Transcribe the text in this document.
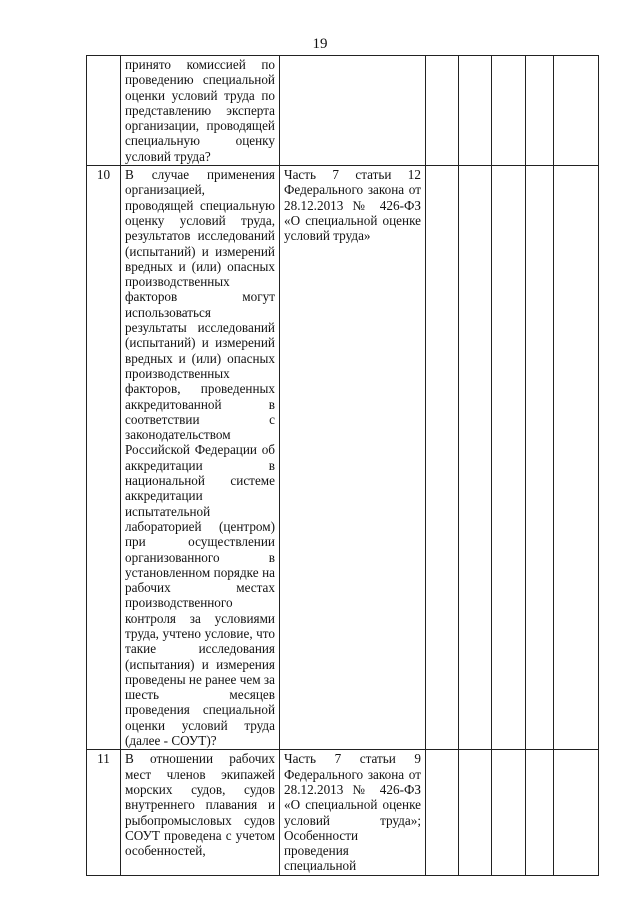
19
	принято комиссией по проведению специальной оценки условий труда по представлению эксперта организации, проводящей специальную оценку условий труда?						
10	В случае применения организацией, проводящей специальную оценку условий труда, результатов исследований (испытаний) и измерений вредных и (или) опасных производственных факторов могут использоваться результаты исследований (испытаний) и измерений вредных и (или) опасных производственных факторов, проведенных аккредитованной в соответствии с законодательством Российской Федерации об аккредитации в национальной системе аккредитации испытательной лабораторией (центром) при осуществлении организованного в установленном порядке на рабочих местах производственного контроля за условиями труда, учтено условие, что такие исследования (испытания) и измерения проведены не ранее чем за шесть месяцев проведения специальной оценки условий труда (далее - СОУТ)?	Часть 7 статьи 12 Федерального закона от 28.12.2013 № 426-ФЗ «О специальной оценке условий труда»					
11	В отношении рабочих мест членов экипажей морских судов, судов внутреннего плавания и рыбопромысловых судов СОУТ проведена с учетом особенностей,	Часть 7 статьи 9 Федерального закона от 28.12.2013 № 426-ФЗ «О специальной оценке условий труда»; Особенности проведения специальной					
